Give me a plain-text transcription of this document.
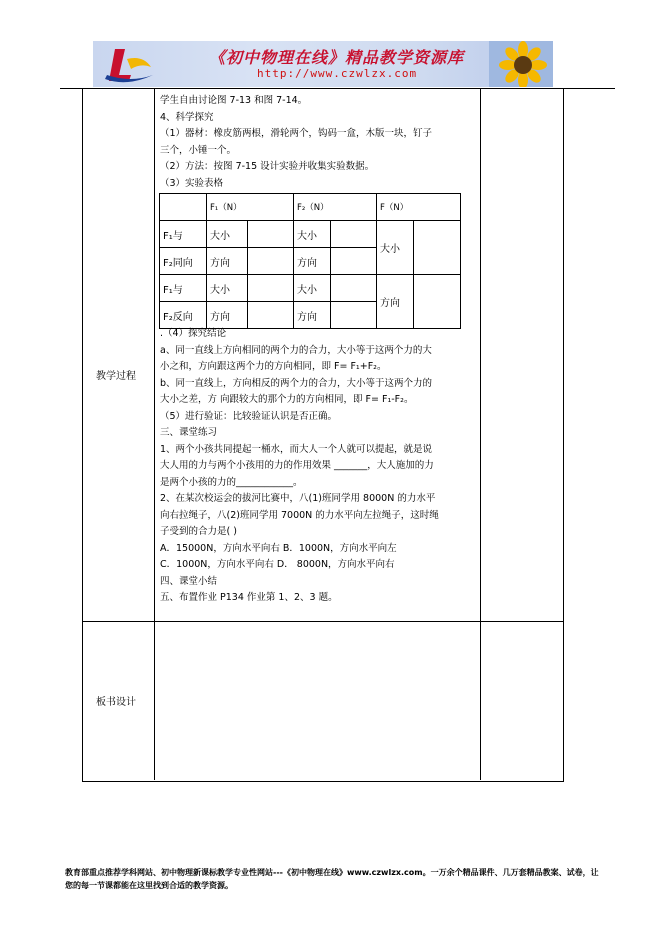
《初中物理在线》精品教学资源库
http://www.czwlzx.com
教学过程
板书设计
学生自由讨论图 7-13 和图 7-14。
4、科学探究
（1）器材：橡皮筋两根，滑轮两个，钩码一盒，木版一块，钉子
三个，小锤一个。
（2）方法：按图 7-15 设计实验并收集实验数据。
（3）实验表格
.（4）探究结论
a、同一直线上方向相同的两个力的合力，大小等于这两个力的大
小之和，方向跟这两个力的方向相同，即 F= F₁+F₂。
b、同一直线上，方向相反的两个力的合力，大小等于这两个力的
大小之差，方 向跟较大的那个力的方向相同，即 F= F₁-F₂。
（5）进行验证：比较验证认识是否正确。
三、课堂练习
1、两个小孩共同提起一桶水，而大人一个人就可以提起，就是说
大人用的力与两个小孩用的力的作用效果 _______，大人施加的力
是两个小孩的力的____________。
2、在某次校运会的拔河比赛中，八(1)班同学用 8000N 的力水平
向右拉绳子，八(2)班同学用 7000N 的力水平向左拉绳子，这时绳
子受到的合力是( )
A．15000N，方向水平向右 B．1000N，方向水平向左
C．1000N，方向水平向右 D． 8000N，方向水平向右
四、课堂小结
五、布置作业 P134 作业第 1、2、3 题。
	F₁（N）		F₂（N）		F（N）	
F₁与	大小		大小		大小	
F₂同向	方向		方向			
F₁与	大小		大小		方向	
F₂反向	方向		方向			
教育部重点推荐学科网站、初中物理新课标教学专业性网站---《初中物理在线》www.czwlzx.com。一万余个精品课件、几万套精品教案、试卷，让您的每一节课都能在这里找到合适的教学资源。
